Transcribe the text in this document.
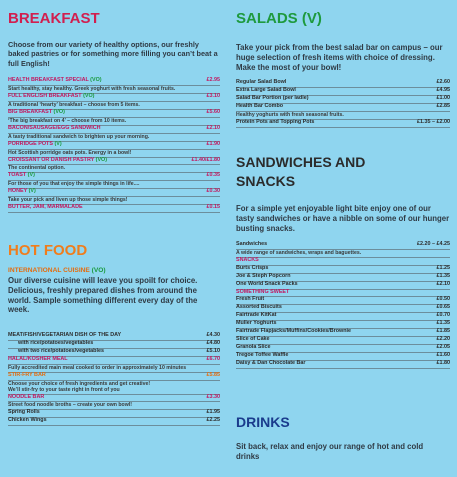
BREAKFAST
Choose from our variety of healthy options, our freshly baked pastries or for something more filling you can’t beat a full English!
HEALTH BREAKFAST SPECIAL (VO)	£2.95
Start healthy, stay healthy. Greek yoghurt with fresh seasonal fruits.
FULL ENGLISH BREAKFAST (VO)	£3.10
A traditional ‘hearty’ breakfast – choose from 5 items.
BIG BREAKFAST (VO)	£5.60
‘The big breakfast on 4’ – choose from 10 items.
BACON/SAUSAGE/EGG SANDWICH	£2.10
A tasty traditional sandwich to brighten up your morning.
PORRIDGE POTS (V)	£1.90
Hot Scottish porridge oats pots. Energy in a bowl!
CROISSANT OR DANISH PASTRY (VO)	£1.40/£1.80
The continental option.
TOAST (V)	£0.35
For those of you that enjoy the simple things in life....
HONEY (V)	£0.30
Take your pick and liven up those simple things!
BUTTER, JAM, MARMALADE	£0.15
HOT FOOD
INTERNATIONAL CUISINE (VO)
Our diverse cuisine will leave you spoilt for choice. Delicious, freshly prepared dishes from around the world. Sample something different every day of the week.
MEAT/FISH/VEGETARIAN DISH OF THE DAY	£4.30
with rice/potatoes/vegetables	£4.80
with two rice/potatoes/vegetables	£5.10
HALAL/KOSHER MEAL	£6.70
Fully accredited main meal cooked to order in approximately 10 minutes
STIR-FRY BAR	£5.85
Choose your choice of fresh ingredients and get creative!
We’ll stir-fry to your taste right in front of you
NOODLE BAR	£3.30
Street food noodle broths – create your own bowl!
Spring Rolls	£1.95
Chicken Wings	£2.25
SALADS (V)
Take your pick from the best salad bar on campus – our huge selection of fresh items with choice of dressing. Make the most of your bowl!
Regular Salad Bowl	£2.60
Extra Large Salad Bowl	£4.95
Salad Bar Portion (per ladle)	£1.00
Health Bar Combo	£2.85
Healthy yoghurts with fresh seasonal fruits.
Protein Pots and Topping Pots	£1.35 – £2.00
SANDWICHES AND
SNACKS
For a simple yet enjoyable light bite enjoy one of our tasty sandwiches or have a nibble on some of our hunger busting snacks.
Sandwiches	£2.20 – £4.25
A wide range of sandwiches, wraps and baguettes.
SNACKS
Burts Crisps	£1.25
Joe & Steph Popcorn	£1.35
One World Snack Packs	£2.10
SOMETHING SWEET
Fresh Fruit	£0.50
Assorted Biscuits	£0.65
Fairtrade KitKat	£0.70
Muller Yoghurts	£1.35
Fairtrade Flapjacks/Muffins/Cookies/Brownie	£1.85
Slice of Cake	£2.20
Granola Slice	£2.05
Tregoe Toffee Waffle	£1.60
Daisy & Dan Chocolate Bar	£1.80
DRINKS
Sit back, relax and enjoy our range of hot and cold drinks
